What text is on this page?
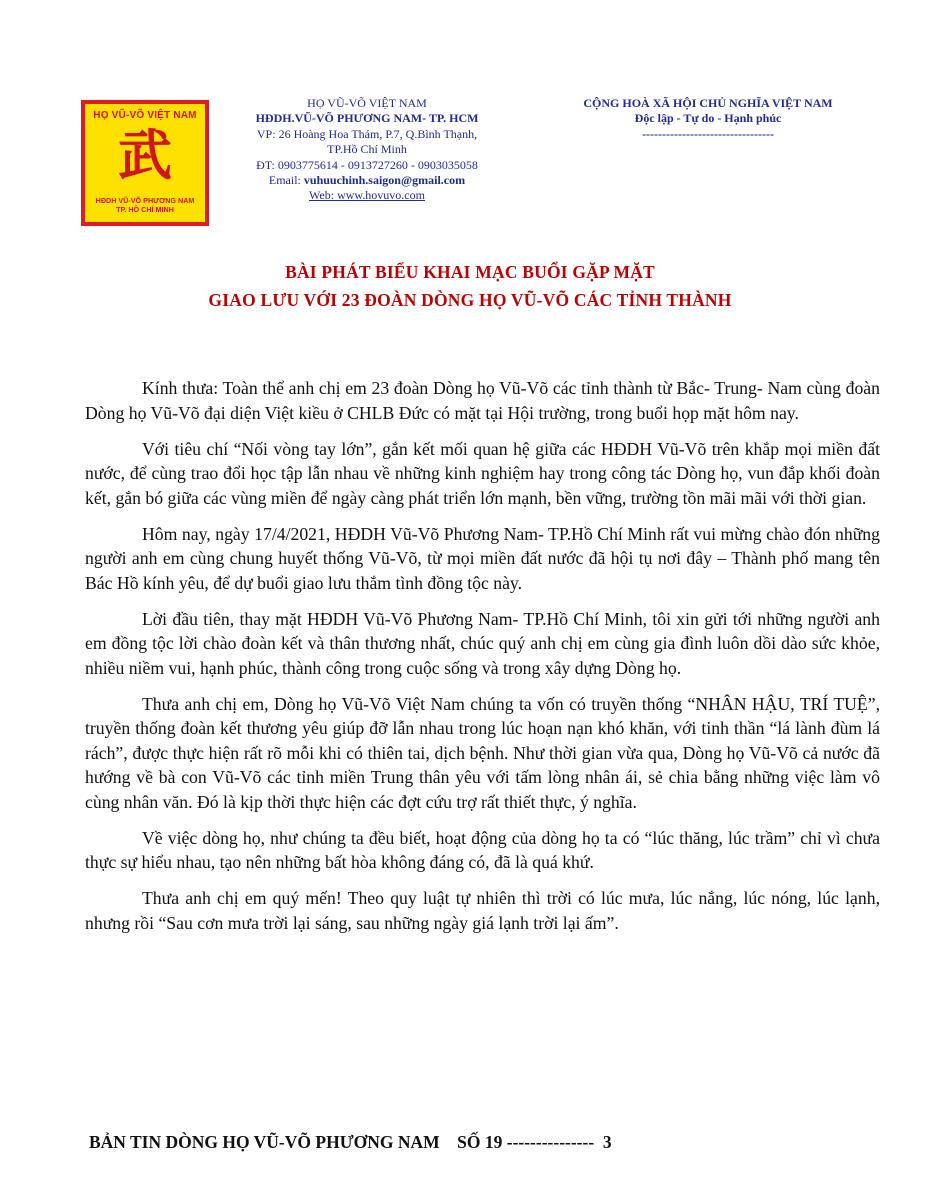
HỌ VŨ-VÕ VIỆT NAM
武
HĐDH VŨ-VÕ PHƯƠNG NAM
TP. HỒ CHÍ MINH
HỌ VŨ-VÕ VIỆT NAM
HĐDH.VŨ-VÕ PHƯƠNG NAM- TP. HCM
VP: 26 Hoàng Hoa Thám, P.7, Q.Bình Thạnh,
TP.Hồ Chí Minh
ĐT: 0903775614 - 0913727260 - 0903035058
Email: vuhuuchinh.saigon@gmail.com
Web: www.hovuvo.com
CỘNG HOÀ XÃ HỘI CHỦ NGHĨA VIỆT NAM
Độc lập - Tự do - Hạnh phúc
---------------------------------
BÀI PHÁT BIỂU KHAI MẠC BUỔI GẶP MẶT
GIAO LƯU VỚI 23 ĐOÀN DÒNG HỌ VŨ-VÕ CÁC TỈNH THÀNH

Kính thưa: Toàn thể anh chị em 23 đoàn Dòng họ Vũ-Võ các tỉnh thành từ Bắc- Trung- Nam cùng đoàn Dòng họ Vũ-Võ đại diện Việt kiều ở CHLB Đức có mặt tại Hội trường, trong buổi họp mặt hôm nay.

Với tiêu chí “Nối vòng tay lớn”, gắn kết mối quan hệ giữa các HĐDH Vũ-Võ trên khắp mọi miền đất nước, để cùng trao đổi học tập lẫn nhau về những kinh nghiệm hay trong công tác Dòng họ, vun đắp khối đoàn kết, gắn bó giữa các vùng miền để ngày càng phát triển lớn mạnh, bền vững, trường tồn mãi mãi với thời gian.

Hôm nay, ngày 17/4/2021, HĐDH Vũ-Võ Phương Nam- TP.Hồ Chí Minh rất vui mừng chào đón những người anh em cùng chung huyết thống Vũ-Võ, từ mọi miền đất nước đã hội tụ nơi đây – Thành phố mang tên Bác Hồ kính yêu, để dự buổi giao lưu thắm tình đồng tộc này.

Lời đầu tiên, thay mặt HĐDH Vũ-Võ Phương Nam- TP.Hồ Chí Minh, tôi xin gửi tới những người anh em đồng tộc lời chào đoàn kết và thân thương nhất, chúc quý anh chị em cùng gia đình luôn dồi dào sức khỏe, nhiều niềm vui, hạnh phúc, thành công trong cuộc sống và trong xây dựng Dòng họ.

Thưa anh chị em, Dòng họ Vũ-Võ Việt Nam chúng ta vốn có truyền thống “NHÂN HẬU, TRÍ TUỆ”, truyền thống đoàn kết thương yêu giúp đỡ lẫn nhau trong lúc hoạn nạn khó khăn, với tinh thần “lá lành đùm lá rách”, được thực hiện rất rõ mỗi khi có thiên tai, dịch bệnh. Như thời gian vừa qua, Dòng họ Vũ-Võ cả nước đã hướng về bà con Vũ-Võ các tỉnh miền Trung thân yêu với tấm lòng nhân ái, sẻ chia bằng những việc làm vô cùng nhân văn. Đó là kịp thời thực hiện các đợt cứu trợ rất thiết thực, ý nghĩa.

Về việc dòng họ, như chúng ta đều biết, hoạt động của dòng họ ta có “lúc thăng, lúc trầm” chỉ vì chưa thực sự hiểu nhau, tạo nên những bất hòa không đáng có, đã là quá khứ.

Thưa anh chị em quý mến! Theo quy luật tự nhiên thì trời có lúc mưa, lúc nắng, lúc nóng, lúc lạnh, nhưng rồi “Sau cơn mưa trời lại sáng, sau những ngày giá lạnh trời lại ấm”.

BẢN TIN DÒNG HỌ VŨ-VÕ PHƯƠNG NAM    SỐ 19 ---------------  3
